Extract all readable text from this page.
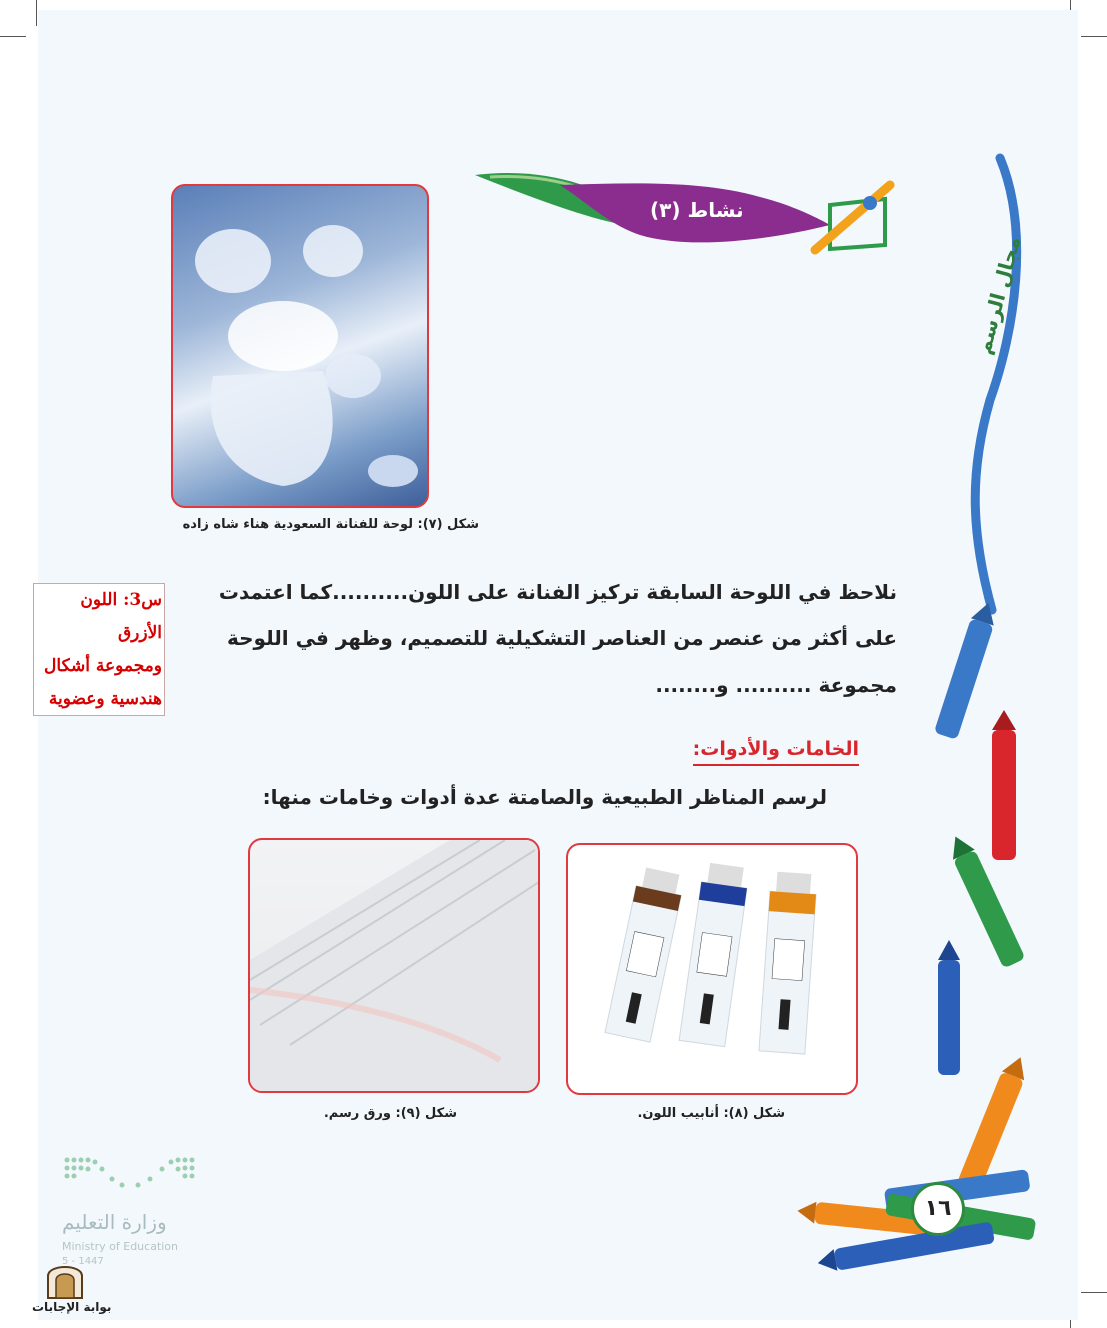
مجال الرسم
نشاط (٣)
شكل (٧): لوحة للفنانة السعودية هناء شاه زاده
نلاحظ في اللوحة السابقة تركيز الفنانة على اللون..........كما اعتمدت
على أكثر من عنصر من العناصر التشكيلية للتصميم، وظهر في اللوحة
مجموعة .......... و........
س3: اللون
الأزرق
ومجموعة أشكال
هندسية وعضوية
الخامات والأدوات:
لرسم المناظر الطبيعية والصامتة عدة أدوات وخامات منها:
شكل (٨): أنابيب اللون.
شكل (٩): ورق رسم.
١٦
وزارة التعليم
Ministry of Education
5 - 1447
بوابة الإجابات
